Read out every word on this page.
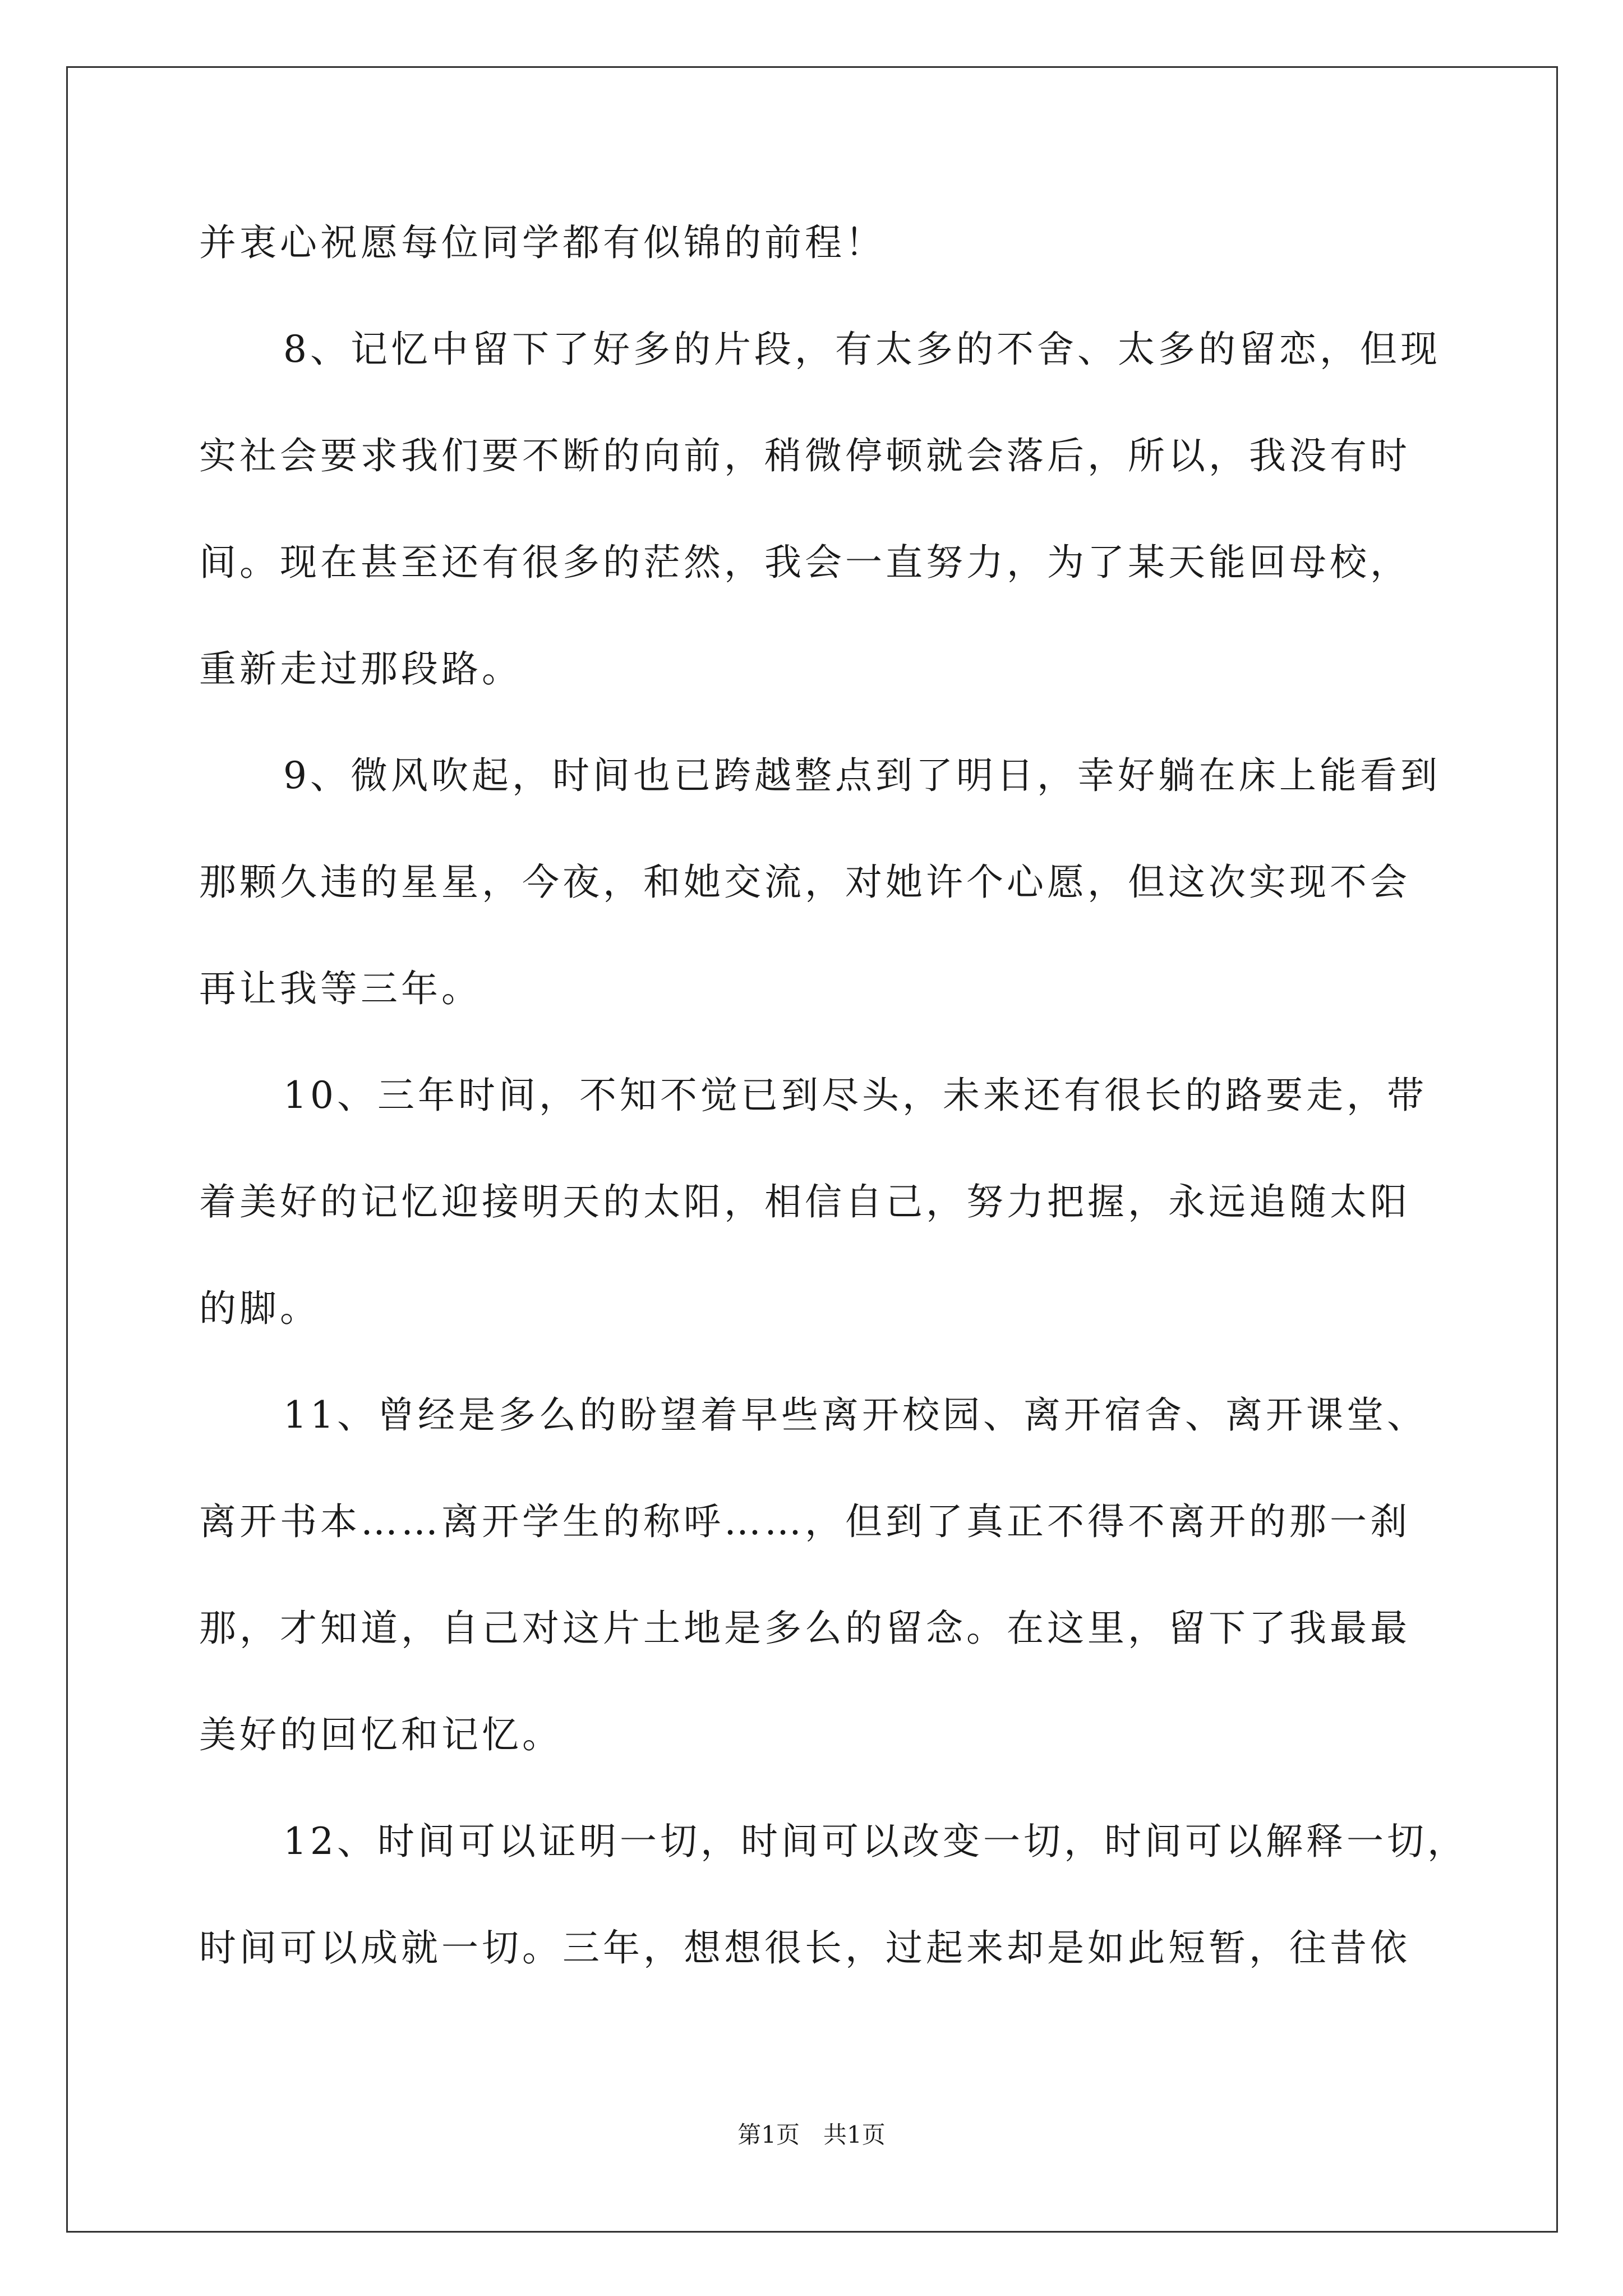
并衷心祝愿每位同学都有似锦的前程！
8、记忆中留下了好多的片段，有太多的不舍、太多的留恋，但现
实社会要求我们要不断的向前，稍微停顿就会落后，所以，我没有时
间。现在甚至还有很多的茫然，我会一直努力，为了某天能回母校，
重新走过那段路。
9、微风吹起，时间也已跨越整点到了明日，幸好躺在床上能看到
那颗久违的星星，今夜，和她交流，对她许个心愿，但这次实现不会
再让我等三年。
10、三年时间，不知不觉已到尽头，未来还有很长的路要走，带
着美好的记忆迎接明天的太阳，相信自己，努力把握，永远追随太阳
的脚。
11、曾经是多么的盼望着早些离开校园、离开宿舍、离开课堂、
离开书本……离开学生的称呼……，但到了真正不得不离开的那一刹
那，才知道，自己对这片土地是多么的留念。在这里，留下了我最最
美好的回忆和记忆。
12、时间可以证明一切，时间可以改变一切，时间可以解释一切，
时间可以成就一切。三年，想想很长，过起来却是如此短暂，往昔依
第1页　共1页
